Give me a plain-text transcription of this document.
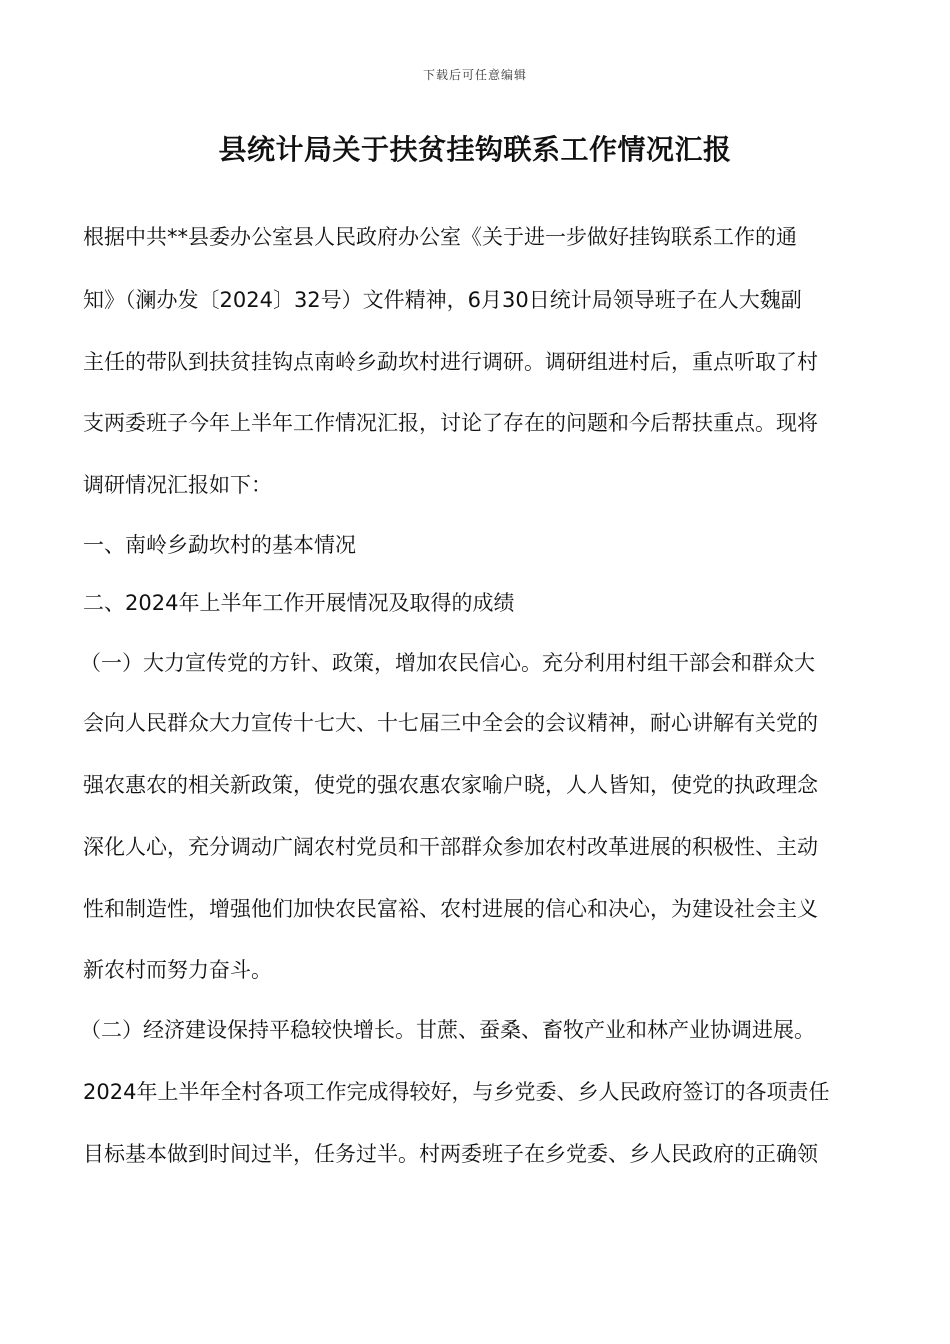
下载后可任意编辑
县统计局关于扶贫挂钩联系工作情况汇报
根据中共**县委办公室县人民政府办公室《关于进一步做好挂钩联系工作的通
知》（澜办发〔2024〕32号）文件精神，6月30日统计局领导班子在人大魏副
主任的带队到扶贫挂钩点南岭乡勐坎村进行调研。调研组进村后，重点听取了村
支两委班子今年上半年工作情况汇报，讨论了存在的问题和今后帮扶重点。现将
调研情况汇报如下：
一、南岭乡勐坎村的基本情况
二、2024年上半年工作开展情况及取得的成绩
（一）大力宣传党的方针、政策，增加农民信心。充分利用村组干部会和群众大
会向人民群众大力宣传十七大、十七届三中全会的会议精神，耐心讲解有关党的
强农惠农的相关新政策，使党的强农惠农家喻户晓，人人皆知，使党的执政理念
深化人心，充分调动广阔农村党员和干部群众参加农村改革进展的积极性、主动
性和制造性，增强他们加快农民富裕、农村进展的信心和决心，为建设社会主义
新农村而努力奋斗。
（二）经济建设保持平稳较快增长。甘蔗、蚕桑、畜牧产业和林产业协调进展。
2024年上半年全村各项工作完成得较好，与乡党委、乡人民政府签订的各项责任
目标基本做到时间过半，任务过半。村两委班子在乡党委、乡人民政府的正确领
